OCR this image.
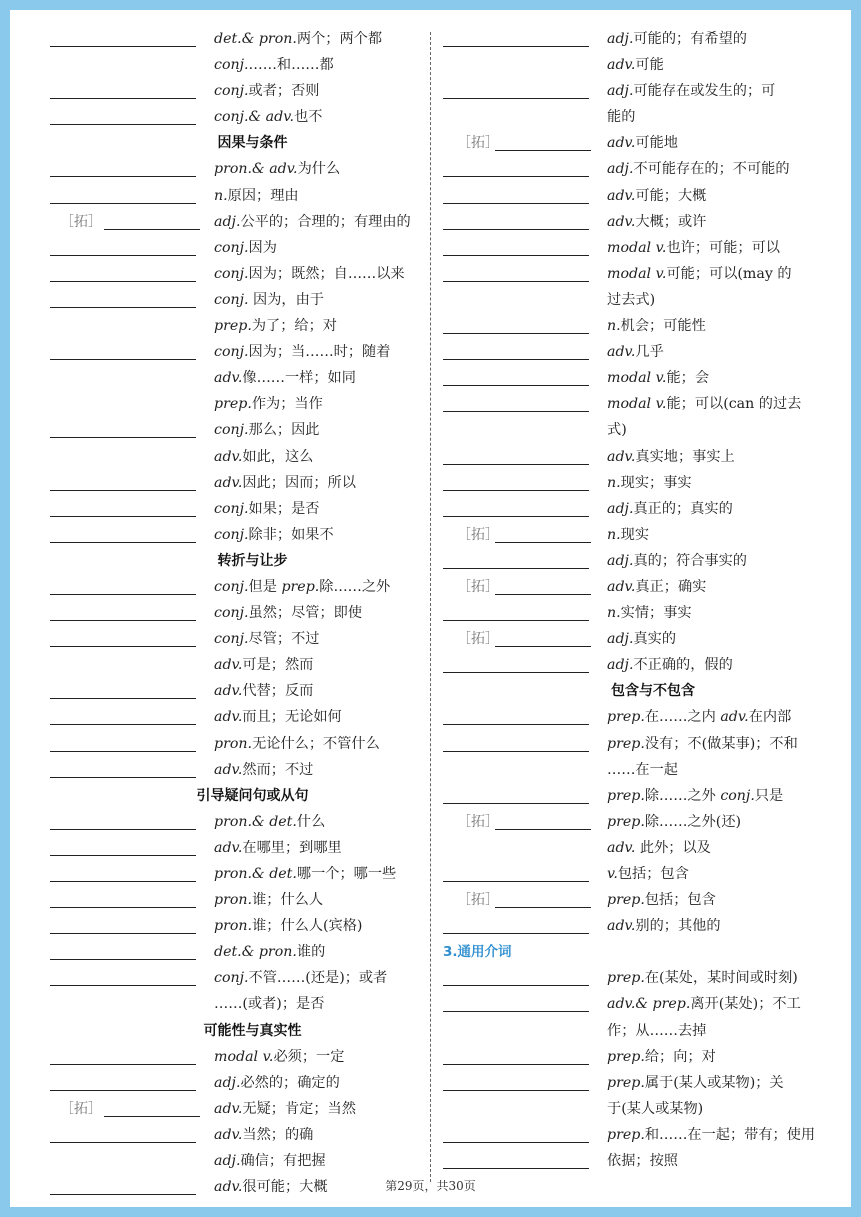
det.& pron.两个；两个都
conj.……和……都
conj.或者；否则
conj.& adv.也不
因果与条件
pron.& adv.为什么
n.原因；理由
［拓］	adj.公平的；合理的；有理由的
conj.因为
conj.因为；既然；自……以来
conj. 因为，由于
prep.为了；给；对
conj.因为；当……时；随着
adv.像……一样；如同
prep.作为；当作
conj.那么；因此
adv.如此，这么
adv.因此；因而；所以
conj.如果；是否
conj.除非；如果不
转折与让步
conj.但是 prep.除……之外
conj.虽然；尽管；即使
conj.尽管；不过
adv.可是；然而
adv.代替；反而
adv.而且；无论如何
pron.无论什么；不管什么
adv.然而；不过
引导疑问句或从句
pron.& det.什么
adv.在哪里；到哪里
pron.& det.哪一个；哪一些
pron.谁；什么人
pron.谁；什么人(宾格)
det.& pron.谁的
conj.不管……(还是)；或者
……(或者)；是否
可能性与真实性
modal v.必须；一定
adj.必然的；确定的
［拓］	adv.无疑；肯定；当然
adv.当然；的确
adj.确信；有把握
adv.很可能；大概
adj.可能的；有希望的
adv.可能
adj.可能存在或发生的；可
能的
［拓］	adv.可能地
adj.不可能存在的；不可能的
adv.可能；大概
adv.大概；或许
modal v.也许；可能；可以
modal v.可能；可以(may 的
过去式)
n.机会；可能性
adv.几乎
modal v.能；会
modal v.能；可以(can 的过去
式)
adv.真实地；事实上
n.现实；事实
adj.真正的；真实的
［拓］	n.现实
adj.真的；符合事实的
［拓］	adv.真正；确实
n.实情；事实
［拓］	adj.真实的
adj.不正确的，假的
包含与不包含
prep.在……之内 adv.在内部
prep.没有；不(做某事)；不和
……在一起
prep.除……之外 conj.只是
［拓］	prep.除……之外(还)
adv. 此外；以及
v.包括；包含
［拓］	prep.包括；包含
adv.别的；其他的
3.通用介词
prep.在(某处，某时间或时刻)
adv.& prep.离开(某处)；不工
作；从……去掉
prep.给；向；对
prep.属于(某人或某物)；关
于(某人或某物)
prep.和……在一起；带有；使用
依据；按照
第29页，共30页
